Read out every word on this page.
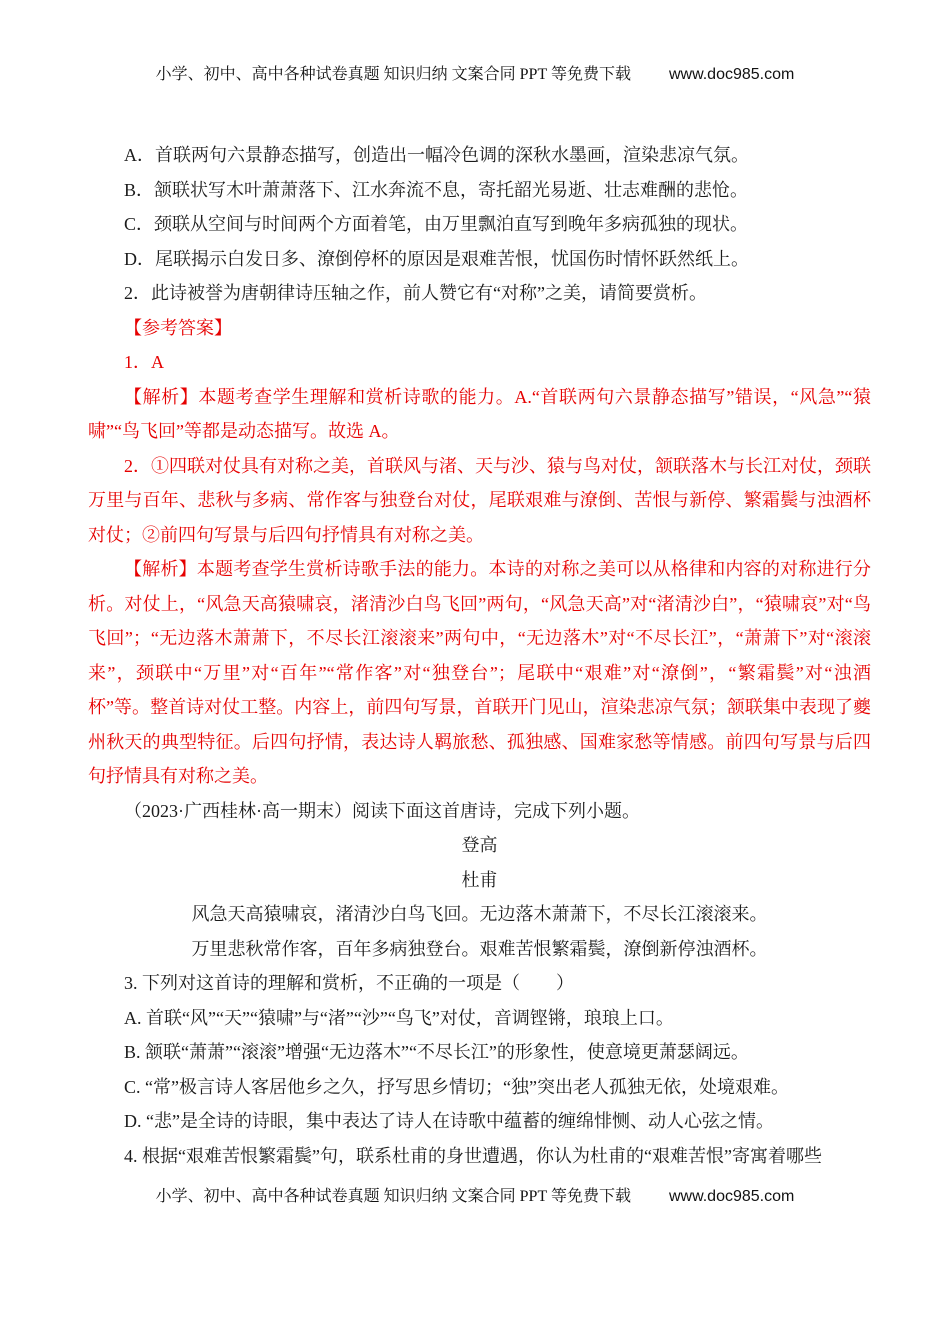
小学、初中、高中各种试卷真题 知识归纳 文案合同 PPT 等免费下载 www.doc985.com

A．首联两句六景静态描写，创造出一幅冷色调的深秋水墨画，渲染悲凉气氛。

B．颔联状写木叶萧萧落下、江水奔流不息，寄托韶光易逝、壮志难酬的悲怆。

C．颈联从空间与时间两个方面着笔，由万里飘泊直写到晚年多病孤独的现状。

D．尾联揭示白发日多、潦倒停杯的原因是艰难苦恨，忧国伤时情怀跃然纸上。

2．此诗被誉为唐朝律诗压轴之作，前人赞它有“对称”之美，请简要赏析。

【参考答案】

1．A

【解析】本题考查学生理解和赏析诗歌的能力。A.“首联两句六景静态描写”错误，“风急”“猿啸”“鸟飞回”等都是动态描写。故选 A。

2．①四联对仗具有对称之美，首联风与渚、天与沙、猿与鸟对仗，颔联落木与长江对仗，颈联万里与百年、悲秋与多病、常作客与独登台对仗，尾联艰难与潦倒、苦恨与新停、繁霜鬓与浊酒杯对仗；②前四句写景与后四句抒情具有对称之美。

【解析】本题考查学生赏析诗歌手法的能力。本诗的对称之美可以从格律和内容的对称进行分析。对仗上，“风急天高猿啸哀，渚清沙白鸟飞回”两句，“风急天高”对“渚清沙白”，“猿啸哀”对“鸟飞回”；“无边落木萧萧下，不尽长江滚滚来”两句中，“无边落木”对“不尽长江”，“萧萧下”对“滚滚来”，颈联中“万里”对“百年”“常作客”对“独登台”；尾联中“艰难”对“潦倒”，“繁霜鬓”对“浊酒杯”等。整首诗对仗工整。内容上，前四句写景，首联开门见山，渲染悲凉气氛；颔联集中表现了夔州秋天的典型特征。后四句抒情，表达诗人羁旅愁、孤独感、国难家愁等情感。前四句写景与后四句抒情具有对称之美。

（2023·广西桂林·高一期末）阅读下面这首唐诗，完成下列小题。

登高

杜甫

风急天高猿啸哀，渚清沙白鸟飞回。无边落木萧萧下，不尽长江滚滚来。

万里悲秋常作客，百年多病独登台。艰难苦恨繁霜鬓，潦倒新停浊酒杯。

3. 下列对这首诗的理解和赏析，不正确的一项是（　　）

A. 首联“风”“天”“猿啸”与“渚”“沙”“鸟飞”对仗，音调铿锵，琅琅上口。

B. 颔联“萧萧”“滚滚”增强“无边落木”“不尽长江”的形象性，使意境更萧瑟阔远。

C. “常”极言诗人客居他乡之久，抒写思乡情切；“独”突出老人孤独无依，处境艰难。

D. “悲”是全诗的诗眼，集中表达了诗人在诗歌中蕴蓄的缠绵悱恻、动人心弦之情。

4. 根据“艰难苦恨繁霜鬓”句，联系杜甫的身世遭遇，你认为杜甫的“艰难苦恨”寄寓着哪些

小学、初中、高中各种试卷真题 知识归纳 文案合同 PPT 等免费下载 www.doc985.com
